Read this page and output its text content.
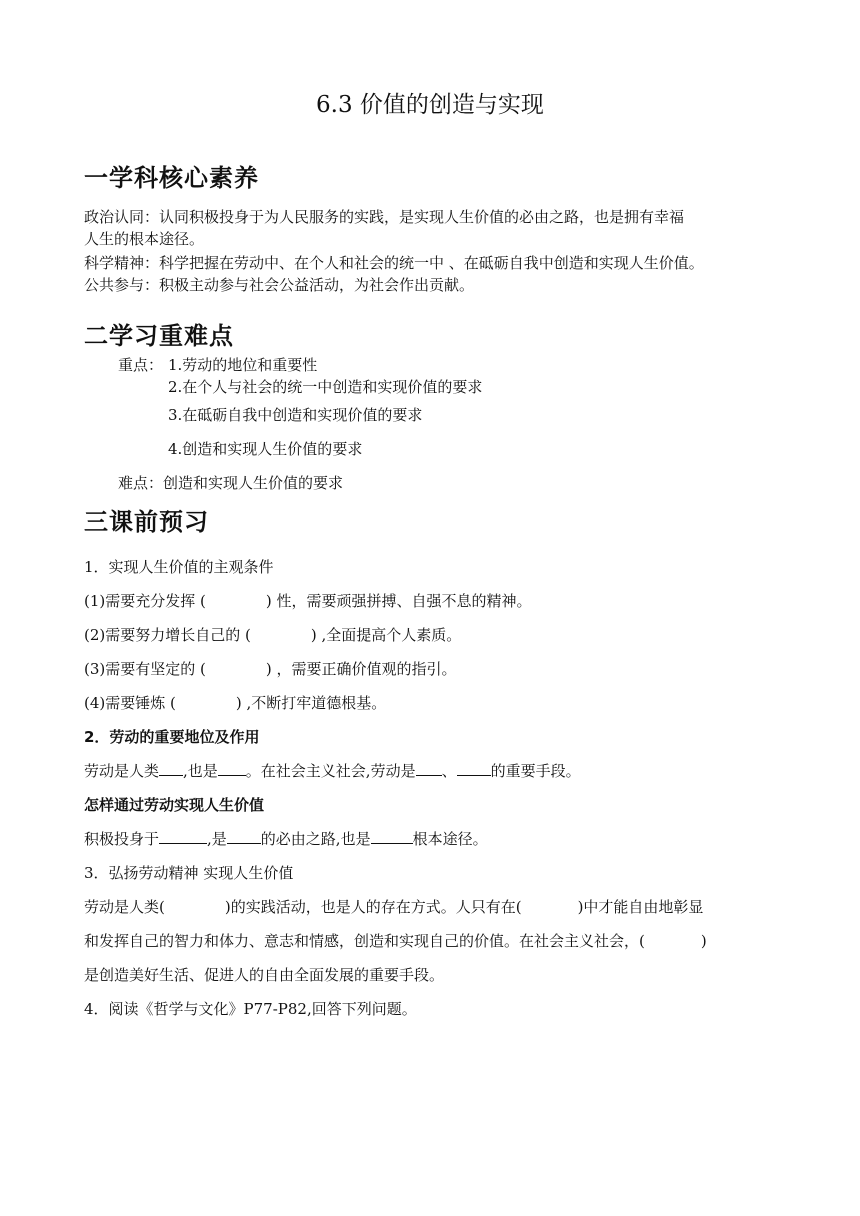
6.3 价值的创造与实现
一学科核心素养
政治认同：认同积极投身于为人民服务的实践，是实现人生价值的必由之路，也是拥有幸福
人生的根本途径。
科学精神：科学把握在劳动中、在个人和社会的统一中 、在砥砺自我中创造和实现人生价值。
公共参与：积极主动参与社会公益活动，为社会作出贡献。
二学习重难点
重点： 1.劳动的地位和重要性
2.在个人与社会的统一中创造和实现价值的要求
3.在砥砺自我中创造和实现价值的要求
4.创造和实现人生价值的要求
难点：创造和实现人生价值的要求
三课前预习
1．实现人生价值的主观条件
(1)需要充分发挥 (	) 性，需要顽强拼搏、自强不息的精神。
(2)需要努力增长自己的 (	) ,全面提高个人素质。
(3)需要有坚定的 (	) ，需要正确价值观的指引。
(4)需要锤炼 (	) ,不断打牢道德根基。
2．劳动的重要地位及作用
劳动是人类 ,也是 。在社会主义社会,劳动是 、 的重要手段。
怎样通过劳动实现人生价值
积极投身于	,是 的必由之路,也是	根本途径。
3．弘扬劳动精神 实现人生价值
劳动是人类(	)的实践活动，也是人的存在方式。人只有在(	)中才能自由地彰显
和发挥自己的智力和体力、意志和情感，创造和实现自己的价值。在社会主义社会，(	)
是创造美好生活、促进人的自由全面发展的重要手段。
4．阅读《哲学与文化》P77-P82,回答下列问题。
